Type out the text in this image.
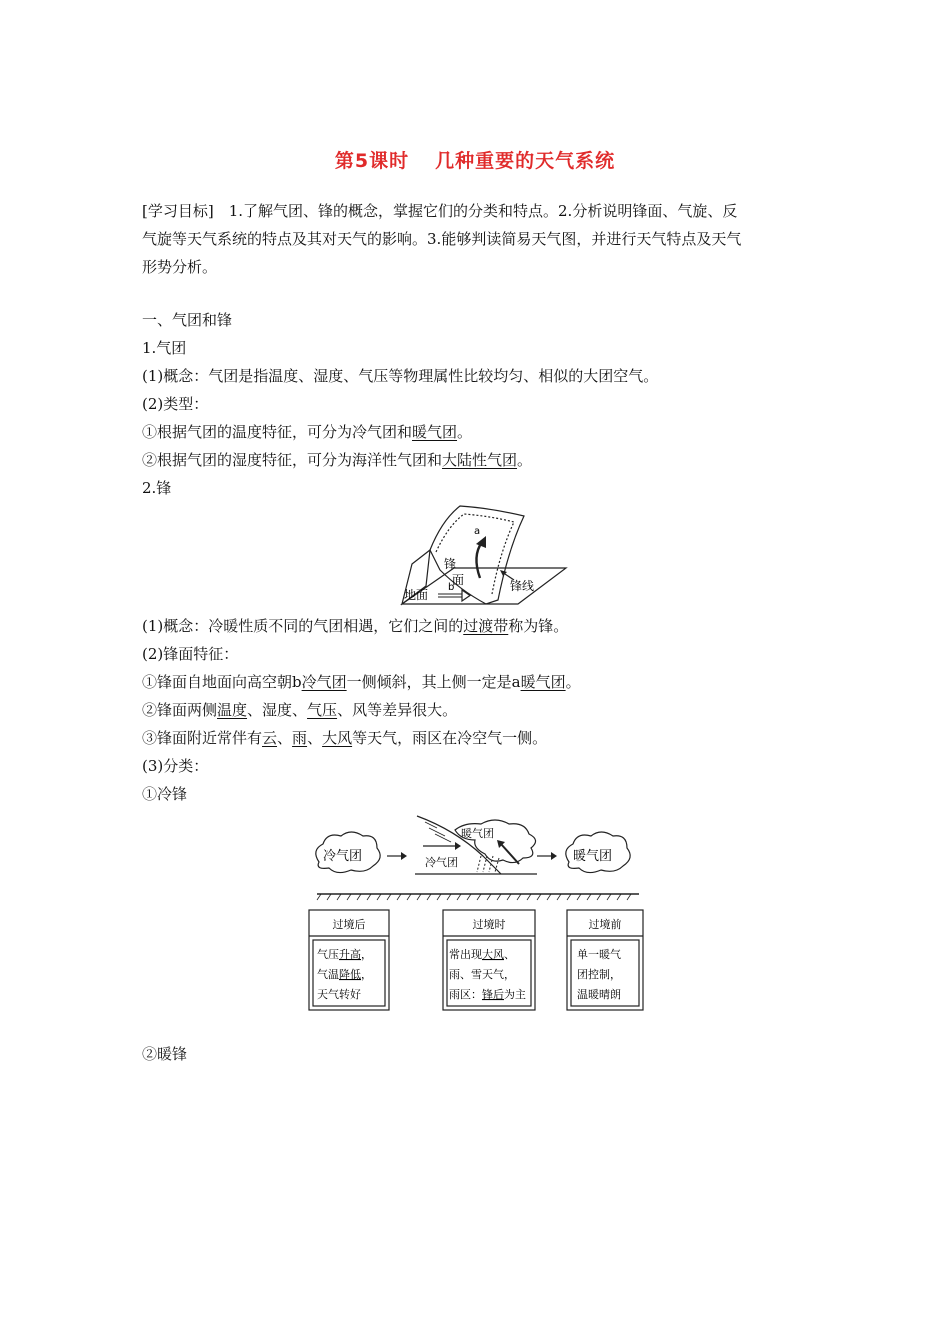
第5课时 几种重要的天气系统
[学习目标]　1.了解气团、锋的概念，掌握它们的分类和特点。2.分析说明锋面、气旋、反
气旋等天气系统的特点及其对天气的影响。3.能够判读简易天气图，并进行天气特点及天气
形势分析。
一、气团和锋
1.气团
(1)概念：气团是指温度、湿度、气压等物理属性比较均匀、相似的大团空气。
(2)类型：
①根据气团的温度特征，可分为冷气团和暖气团。
②根据气团的湿度特征，可分为海洋性气团和大陆性气团。
2.锋
a
b
锋
面
地面
锋线
(1)概念：冷暖性质不同的气团相遇，它们之间的过渡带称为锋。
(2)锋面特征：
①锋面自地面向高空朝b冷气团一侧倾斜，其上侧一定是a暖气团。
②锋面两侧温度、湿度、气压、风等差异很大。
③锋面附近常伴有云、雨、大风等天气，雨区在冷空气一侧。
(3)分类：
①冷锋
冷气团	暖气团
暖气团
冷气团
过境后
气压升高，
气温降低，
天气转好
过境时
常出现大风、
雨、雪天气，
雨区：锋后为主
过境前
单一暖气
团控制，
温暖晴朗
②暖锋
